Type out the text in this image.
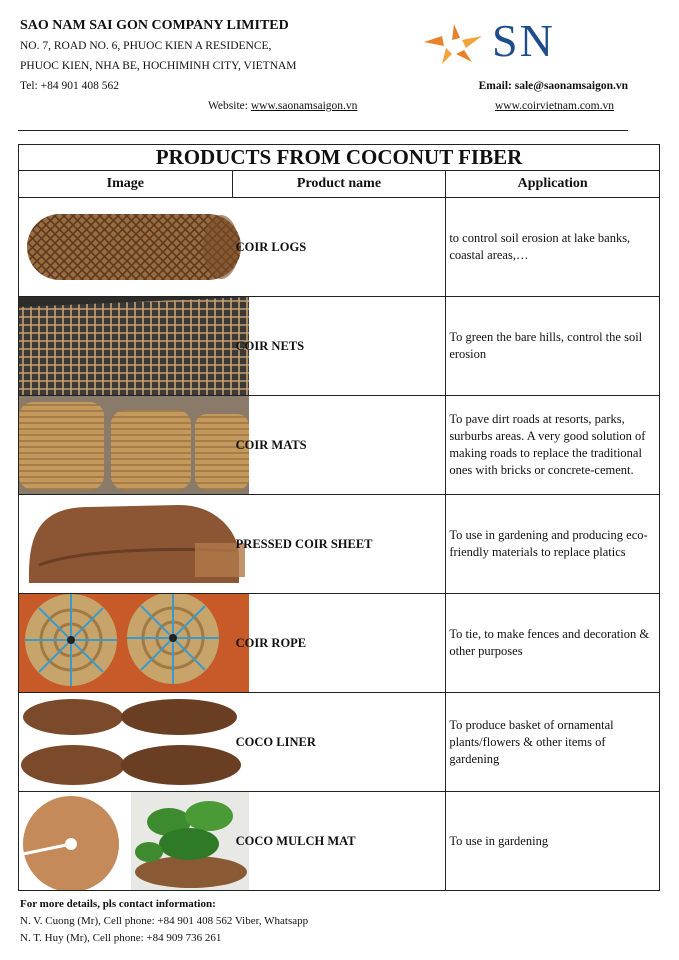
SAO NAM SAI GON COMPANY LIMITED
NO. 7, ROAD NO. 6, PHUOC KIEN A RESIDENCE,
PHUOC KIEN, NHA BE, HOCHIMINH CITY, VIETNAM
Tel: +84 901 408 562	Email: sale@saonamsaigon.vn
Website: www.saonamsaigon.vn	www.coirvietnam.com.vn
SN
PRODUCTS FROM COCONUT FIBER		
Image	Product name	Application

	COIR LOGS	to control soil erosion at lake banks, coastal areas,…

	COIR NETS	To green the bare hills, control the soil erosion

	COIR MATS	To pave dirt roads at resorts, parks, surburbs areas. A very good solution of making roads to replace the traditional ones with bricks or concrete-cement.

	PRESSED COIR SHEET	To use in gardening and producing eco-friendly materials to replace platics

	COIR ROPE	To tie, to make fences and decoration & other purposes

	COCO LINER	To produce basket of ornamental plants/flowers & other items of gardening

	COCO MULCH MAT	To use in gardening
For more details, pls contact information:
N. V. Cuong (Mr), Cell phone: +84 901 408 562 Viber, Whatsapp
N. T. Huy (Mr), Cell phone: +84 909 736 261
